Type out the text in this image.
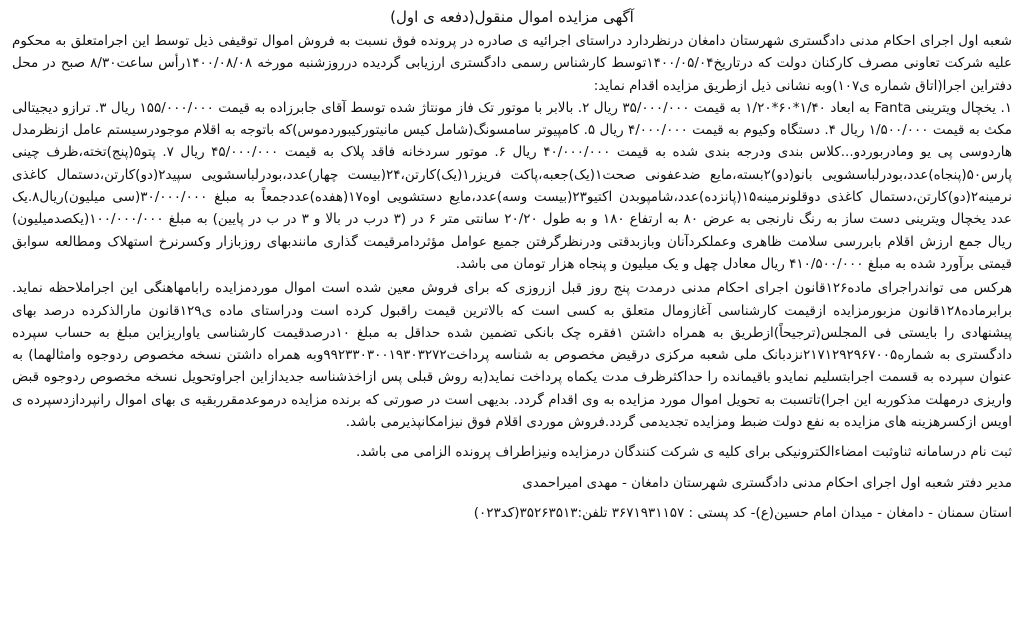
آگهی مزایده اموال منقول(دفعه ی اول)

شعبه اول اجرای احکام مدنی دادگستری شهرستان دامغان درنظردارد دراستای اجرائیه ی صادره در پرونده فوق نسبت به فروش اموال توقیفی ذیل توسط این اجرامتعلق به محکوم علیه شرکت تعاونی مصرف کارکنان دولت که درتاریخ۱۴۰۰/۰۵/۰۴توسط کارشناس رسمی دادگستری ارزیابی گردیده درروزشنبه مورخه ۱۴۰۰/۰۸/۰۸رأس ساعت۸/۳۰ صبح در محل دفتراین اجرا(اتاق شماره ی۱۰۷)وبه نشانی ذیل ازطریق مزایده اقدام نماید:

۱. یخچال ویترینی Fanta به ابعاد ۱/۴۰*۶۰*۱/۲۰ به قیمت ۳۵/۰۰۰/۰۰۰ ریال ۲. بالابر با موتور تک فاز مونتاژ شده توسط آقای جابرزاده به قیمت ۱۵۵/۰۰۰/۰۰۰ ریال ۳. ترازو دیجیتالی مکث به قیمت ۱/۵۰۰/۰۰۰ ریال ۴. دستگاه وکیوم به قیمت ۴/۰۰۰/۰۰۰ ریال ۵. کامپیوتر سامسونگ(شامل کیس مانیتورکیبوردموس)که باتوجه به اقلام موجودرسیستم عامل ازنظرمدل هاردوسی پی یو ومادربوردو...کلاس بندی ودرجه بندی شده به قیمت ۴۰/۰۰۰/۰۰۰ ریال ۶. موتور سردخانه فاقد پلاک به قیمت ۴۵/۰۰۰/۰۰۰ ریال ۷. پتو۵(پنج)تخته،ظرف چینی پارس۵۰(پنجاه)عدد،بودرلباسشویی بانو(دو)۲بسته،مایع ضدعفونی صحت۱(یک)جعبه،پاکت فریزر۱(یک)کارتن،۲۴(بیست چهار)عدد،بودرلباسشویی سپید۲(دو)کارتن،دستمال کاغذی نرمینه۲(دو)کارتن،دستمال کاغذی دوقلونرمینه۱۵(پانزده)عدد،شامپوبدن اکتیو۲۳(بیست وسه)عدد،مایع دستشویی اوه۱۷(هفده)عددجمعاً به مبلغ ۳۰/۰۰۰/۰۰۰(سی میلیون)ریال۸.یک عدد یخچال ویترینی دست ساز به رنگ نارنجی به عرض ۸۰ به ارتفاع ۱۸۰ و به طول ۲۰/۲۰ سانتی متر ۶ در (۳ درب در بالا و ۳ در ب در پایین) به مبلغ ۱۰۰/۰۰۰/۰۰۰(یکصدمیلیون) ریال جمع ارزش اقلام بابررسی سلامت ظاهری وعملکردآنان وبازبدقتی ودرنظرگرفتن جمیع عوامل مؤثردامرقیمت گذاری مانندبهای روزبازار وکسرنرخ استهلاک ومطالعه سوابق قیمتی برآورد شده به مبلغ ۴۱۰/۵۰۰/۰۰۰ ریال معادل چهل و یک میلیون و پنجاه هزار تومان می باشد.

هرکس می تواندراجرای ماده۱۲۶قانون اجرای احکام مدنی درمدت پنج روز قبل ازروزی که برای فروش معین شده است اموال موردمزایده رابامهاهنگی این اجراملاحظه نماید. برابرماده۱۲۸قانون مزبورمزایده ازقیمت کارشناسی آغازومال متعلق به کسی است که بالاترین قیمت راقبول کرده است ودراستای ماده ی۱۲۹قانون مارالذکرده درصد بهای پیشنهادی را بایستی فی المجلس(ترجیحاً)ازطریق به همراه داشتن ۱فقره چک بانکی تضمین شده حداقل به مبلغ ۱۰درصدقیمت کارشناسی یاواریزاین مبلغ به حساب سپرده دادگستری به شماره۲۱۷۱۲۹۲۹۶۷۰۰۵نزدبانک ملی شعبه مرکزی درقیض مخصوص به شناسه پرداخت۹۹۲۳۳۰۳۰۰۱۹۳۰۳۲۷۲وبه همراه داشتن نسخه مخصوص ردوجوه وامثالهما) به عنوان سپرده به قسمت اجرابتسلیم نمایدو باقیمانده را حداکثرظرف مدت یکماه پرداخت نماید(به روش قبلی پس ازاخذشناسه جدیدازاین اجراوتحویل نسخه مخصوص ردوجوه قبض واریزی درمهلت مذکوربه این اجرا)تاتسبت به تحویل اموال مورد مزایده به وی اقدام گردد. بدیهی است در صورتی که برنده مزایده درموعدمقرربقیه ی بهای اموال رانپردازدسپرده ی اویس ازکسرهزینه های مزایده به نفع دولت ضبط ومزایده تجدیدمی گردد.فروش موردی اقلام فوق نیزامکانپذیرمی باشد.

ثبت نام درسامانه ثناوثبت امضاءالکترونیکی برای کلیه ی شرکت کنندگان درمزایده ونیزاطراف پرونده الزامی می باشد.

مدیر دفتر شعبه اول اجرای احکام مدنی دادگستری شهرستان دامغان - مهدی امیراحمدی

استان سمنان - دامغان - میدان امام حسین(ع)- کد پستی : ۳۶۷۱۹۳۱۱۵۷ تلفن:۳۵۲۶۳۵۱۳(کد۰۲۳)
